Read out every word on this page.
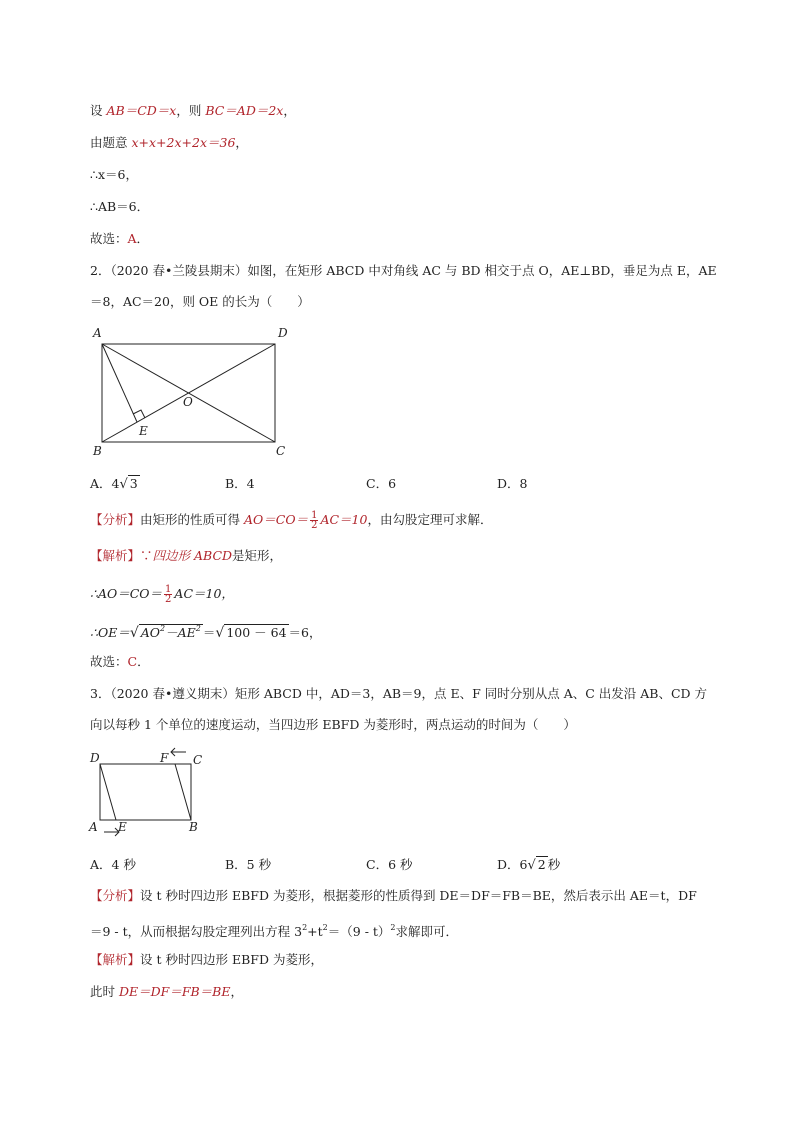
设 AB＝CD＝x，则 BC＝AD＝2x，
由题意 x+x+2x+2x＝36，
∴x＝6，
∴AB＝6．
故选：A．
2．（2020 春•兰陵县期末）如图，在矩形 ABCD 中对角线 AC 与 BD 相交于点 O，AE⊥BD，垂足为点 E，AE
＝8，AC＝20，则 OE 的长为（　　）
A	D
B	C
O
E
A．4√ 3	B．4	C．6	D．8
【分析】由矩形的性质可得 $AO=CO= \frac{1}{2} AC=10$，由勾股定理可求解．
【解析】∵四边形 ABCD是矩形，
∴AO＝CO＝ $\frac{1}{2} AC=10$，
∴OE＝√ $AO^2-AE^2$ ＝√ 100 － 64 ＝6，
故选：C．
3．（2020 春•遵义期末）矩形 ABCD 中，AD＝3，AB＝9，点 E、F 同时分别从点 A、C 出发沿 AB、CD 方
向以每秒 1 个单位的速度运动，当四边形 EBFD 为菱形时，两点运动的时间为（　　）
D	F C
A E	B
A．4 秒	B．5 秒	C．6 秒	D．6√ 2 秒
【分析】设 t 秒时四边形 EBFD 为菱形，根据菱形的性质得到 DE＝DF＝FB＝BE，然后表示出 AE＝t，DF
＝9 - t，从而根据勾股定理列出方程 $3^2+t^2=(9 - t)^2$求解即可．
【解析】设 t 秒时四边形 EBFD 为菱形，
此时 DE＝DF＝FB＝BE，
